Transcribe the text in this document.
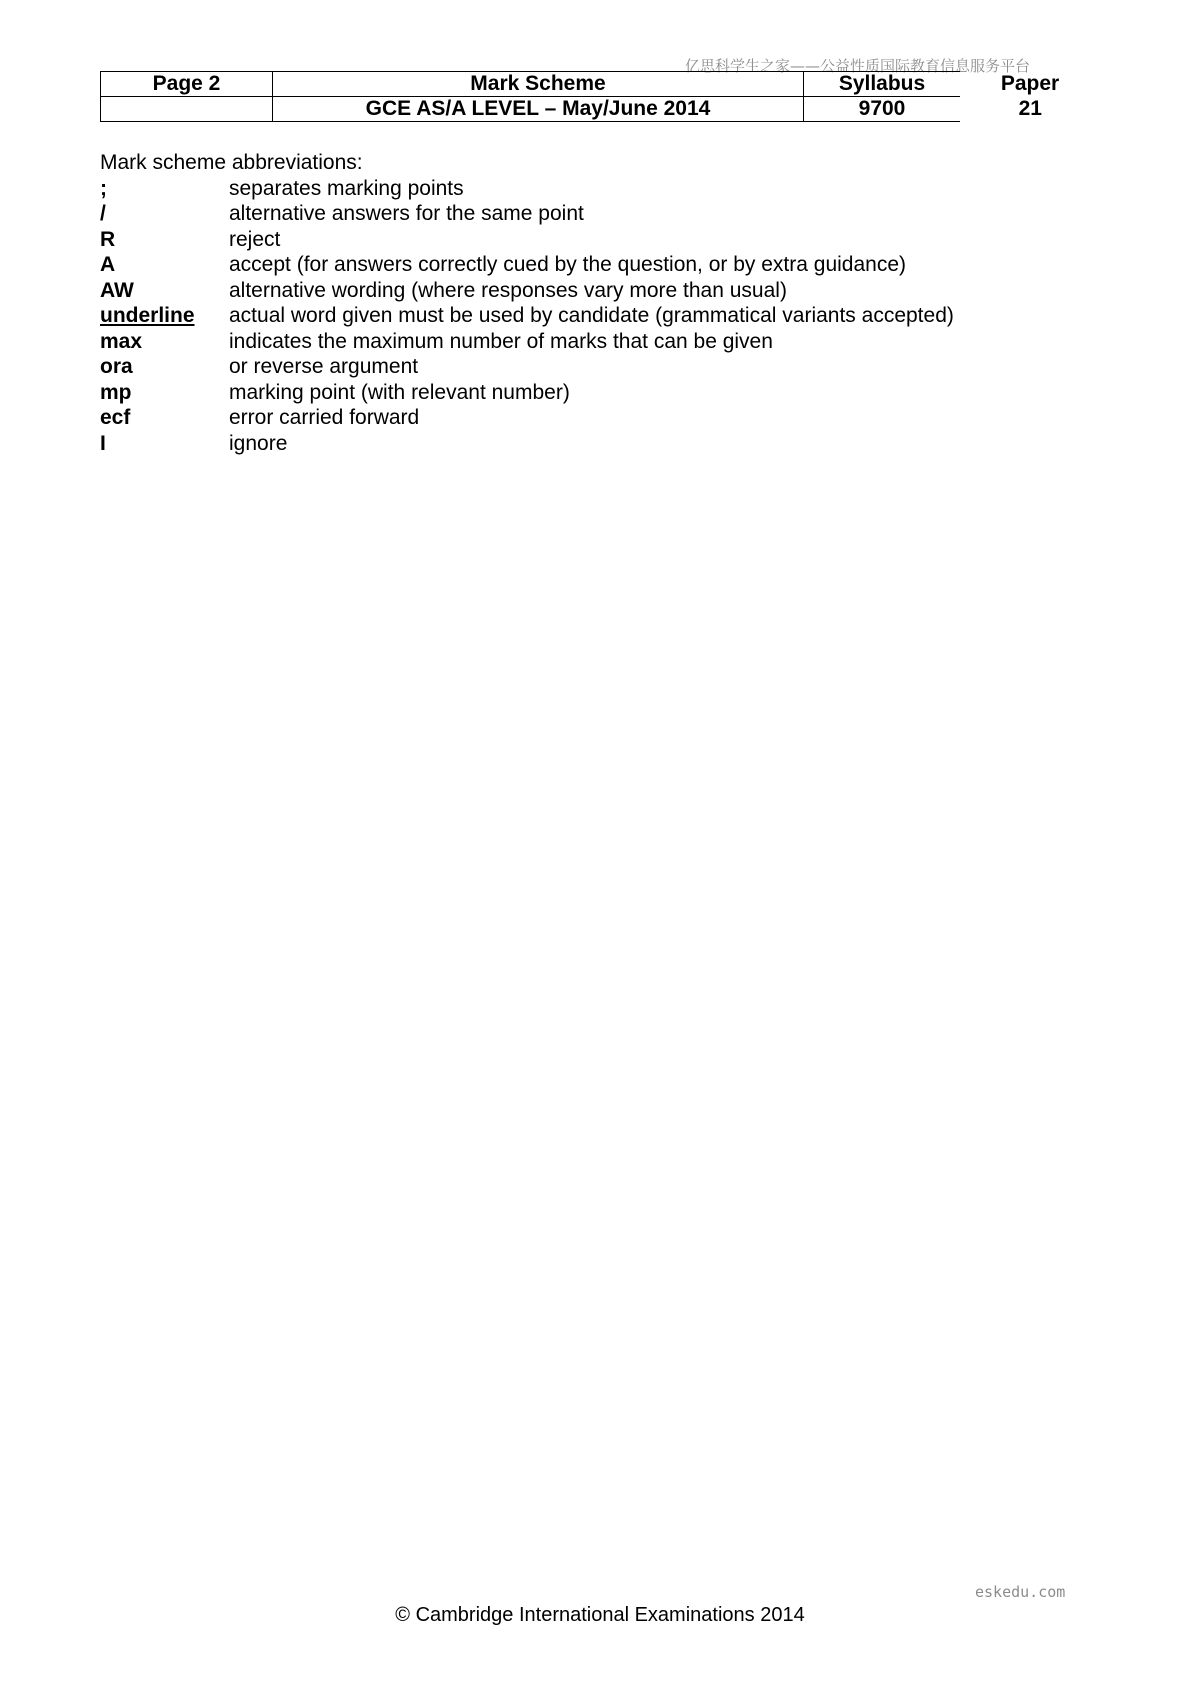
亿思科学生之家——公益性质国际教育信息服务平台
Page 2	Mark Scheme	Syllabus	Paper
	GCE AS/A LEVEL – May/June 2014	9700	21
Mark scheme abbreviations:
;	separates marking points
/	alternative answers for the same point
R	reject
A	accept (for answers correctly cued by the question, or by extra guidance)
AW	alternative wording (where responses vary more than usual)
underline	actual word given must be used by candidate (grammatical variants accepted)
max	indicates the maximum number of marks that can be given
ora	or reverse argument
mp	marking point (with relevant number)
ecf	error carried forward
I	ignore
eskedu.com
© Cambridge International Examinations 2014
